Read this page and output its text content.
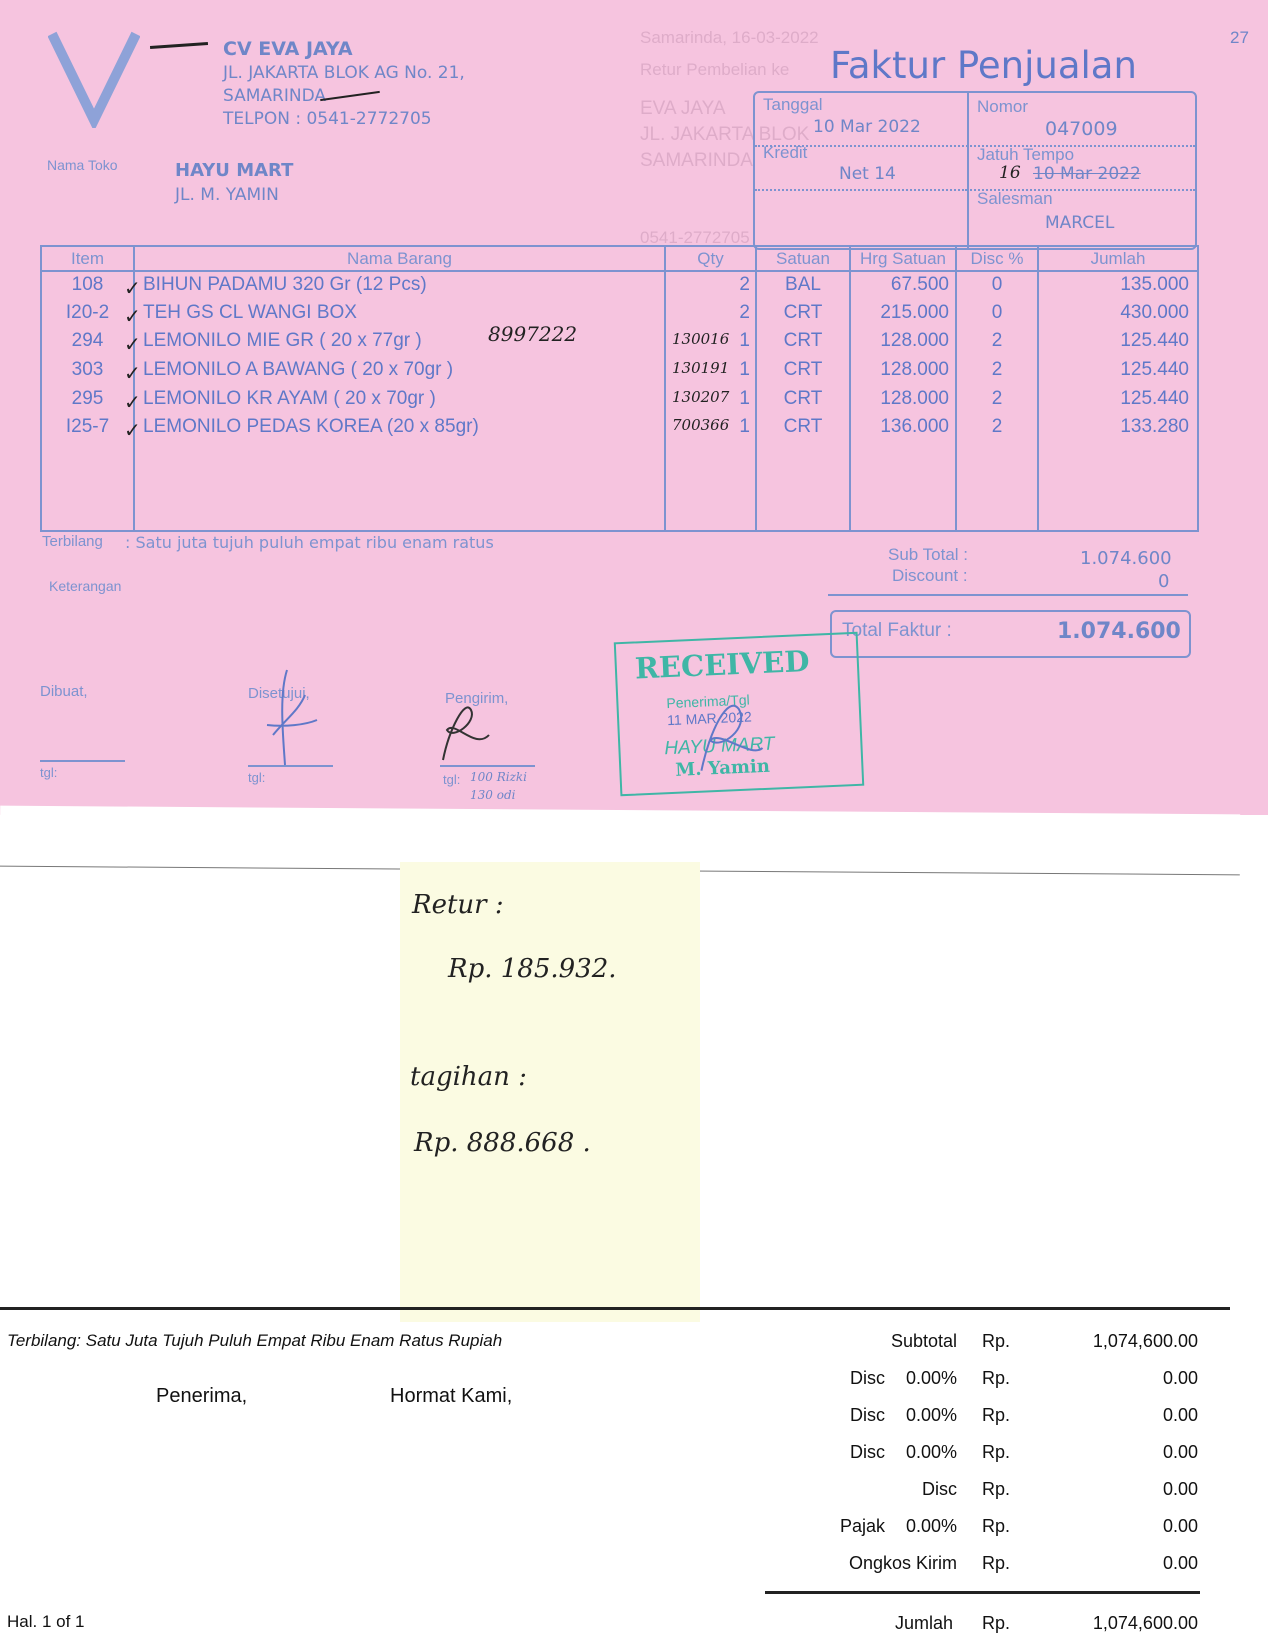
Samarinda, 16-03-2022
Retur Pembelian ke
EVA JAYA
JL. JAKARTA BLOK
SAMARINDA
0541-2772705
27
CV EVA JAYA
JL. JAKARTA BLOK AG No. 21,
SAMARINDA
TELPON : 0541-2772705
Faktur Penjualan
Nama Toko	HAYU MART
JL. M. YAMIN
Tanggal
10 Mar 2022
Nomor
047009
Kredit
Net 14
Jatuh Tempo
10 Mar 2022
16
Salesman
MARCEL
Item	Nama Barang	Qty	Satuan	Hrg Satuan	Disc %	Jumlah
108	BIHUN PADAMU 320 Gr (12 Pcs)	2	BAL	67.500	0	135.000
✓
I20-2	TEH GS CL WANGI BOX	2	CRT	215.000	0	430.000
✓
294	LEMONILO MIE GR ( 20 x 77gr )	1	CRT	128.000	2	125.440
130016
✓
303	LEMONILO A BAWANG ( 20 x 70gr )	1	CRT	128.000	2	125.440
130191
✓
295	LEMONILO KR AYAM ( 20 x 70gr )	1	CRT	128.000	2	125.440
130207
✓
I25-7	LEMONILO PEDAS KOREA (20 x 85gr)	1	CRT	136.000	2	133.280
700366
✓
8997222
Terbilang : Satu juta tujuh puluh empat ribu enam ratus
Keterangan
Sub Total :	1.074.600
Discount :	0
Total Faktur :	1.074.600
Dibuat,	Disetujui,	Pengirim,
tgl:	tgl:	tgl: 100 Rizki
130 odi
RECEIVED
Penerima/Tgl
11 MAR 2022
HAYU MART
M. Yamin
Retur :
Rp. 185.932.
tagihan :
Rp. 888.668 .
Terbilang: Satu Juta Tujuh Puluh Empat Ribu Enam Ratus Rupiah
Penerima,	Hormat Kami,
Hal. 1 of 1
Subtotal Rp.	1,074,600.00
Disc	0.00% Rp.	0.00
Disc	0.00% Rp.	0.00
Disc	0.00% Rp.	0.00
Disc Rp.	0.00
Pajak	0.00% Rp.	0.00
Ongkos Kirim Rp.	0.00
Jumlah Rp.	1,074,600.00
